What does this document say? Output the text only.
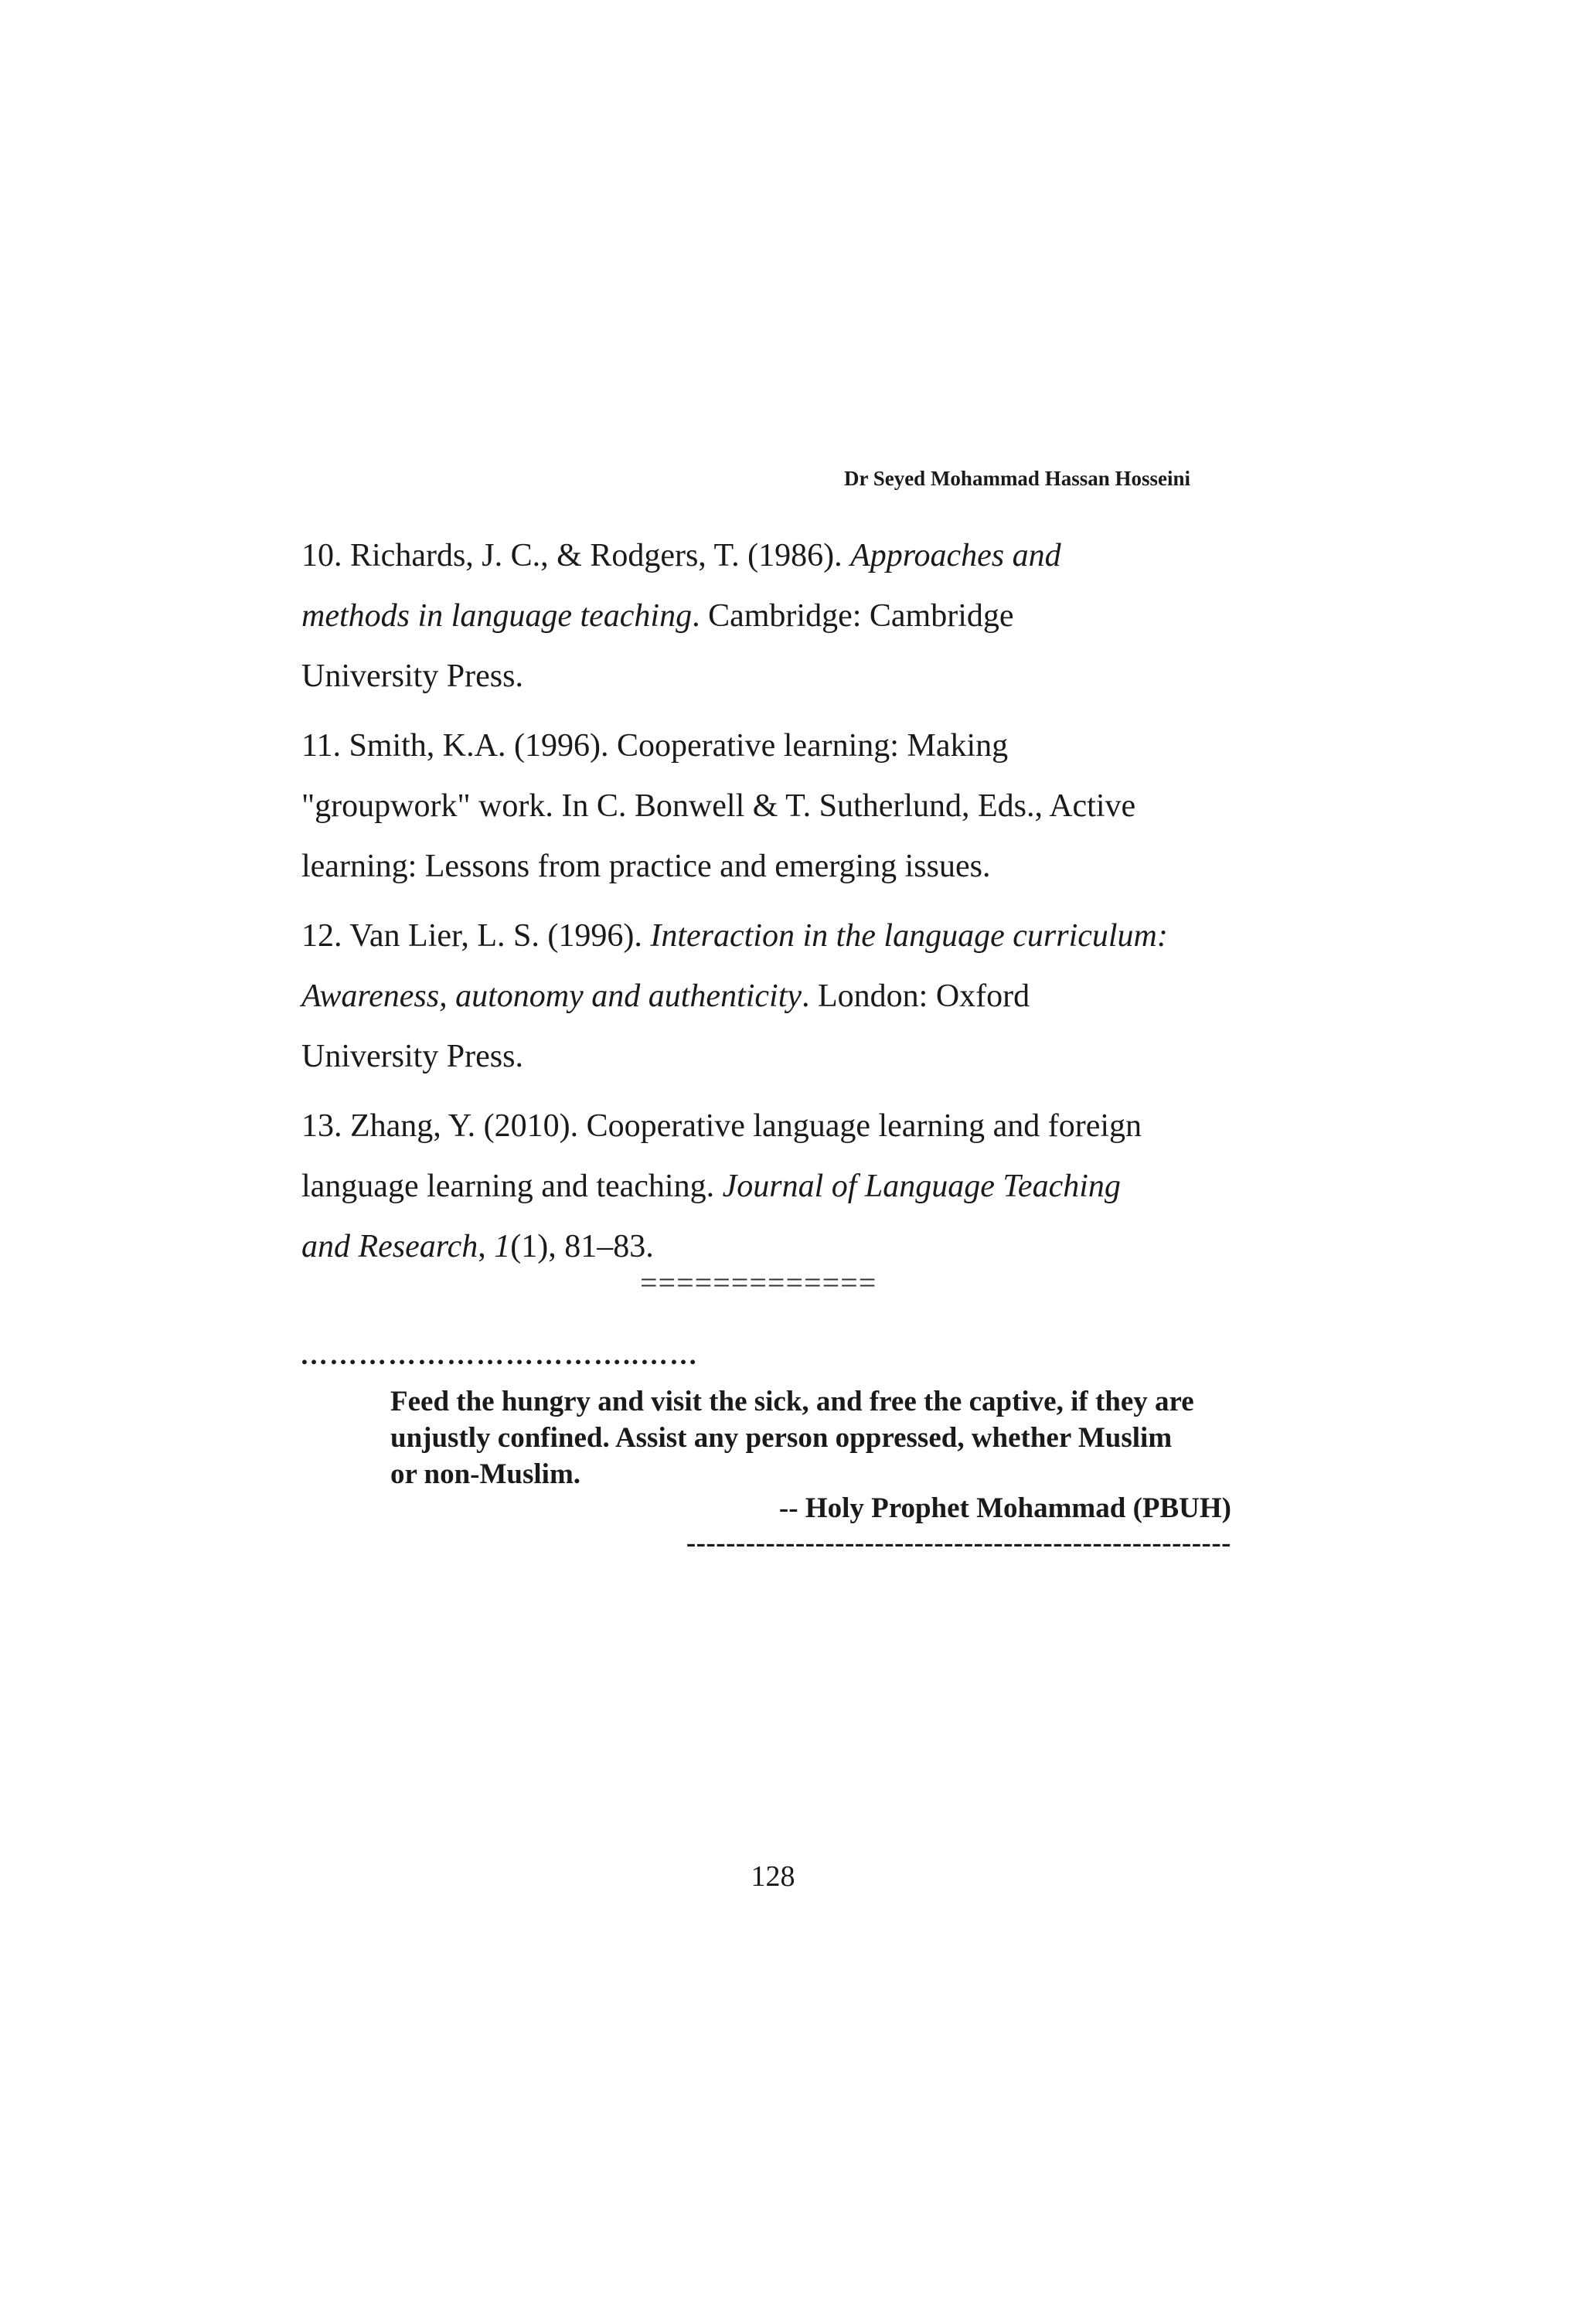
Dr Seyed Mohammad Hassan Hosseini
10. Richards, J. C., & Rodgers, T. (1986). Approaches and
methods in language teaching. Cambridge: Cambridge
University Press.
11. Smith, K.A. (1996). Cooperative learning: Making
"groupwork" work. In C. Bonwell & T. Sutherlund, Eds., Active
learning: Lessons from practice and emerging issues.
12. Van Lier, L. S. (1996). Interaction in the language curriculum:
Awareness, autonomy and authenticity. London: Oxford
University Press.
13. Zhang, Y. (2010). Cooperative language learning and foreign
language learning and teaching. Journal of Language Teaching
and Research, 1(1), 81–83.
=============
……………………………..……
Feed the hungry and visit the sick, and free the captive, if they are
unjustly confined. Assist any person oppressed, whether Muslim
or non-Muslim.
-- Holy Prophet Mohammad (PBUH)
-------------------------------------------------------
128
